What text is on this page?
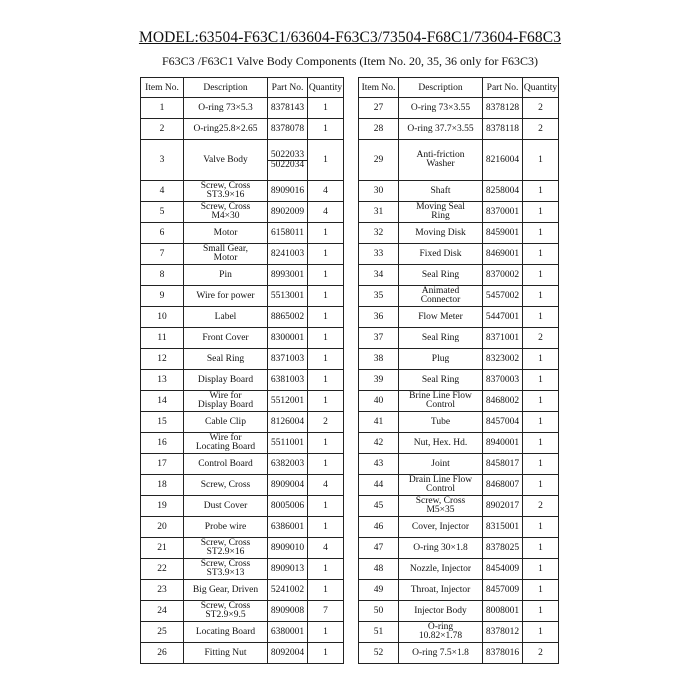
MODEL:63504-F63C1/63604-F63C3/73504-F68C1/73604-F68C3
F63C3 /F63C1 Valve Body Components (Item No. 20, 35, 36 only for F63C3)
Item No.	Description	Part No.	Quantity
1	O-ring 73×5.3	8378143	1
2	O-ring25.8×2.65	8378078	1
3	Valve Body	5022033
5022034	1
4	Screw, Cross
ST3.9×16	8909016	4
5	Screw, Cross
M4×30	8902009	4
6	Motor	6158011	1
7	Small Gear,
Motor	8241003	1
8	Pin	8993001	1
9	Wire for power	5513001	1
10	Label	8865002	1
11	Front Cover	8300001	1
12	Seal Ring	8371003	1
13	Display Board	6381003	1
14	Wire for
Display Board	5512001	1
15	Cable Clip	8126004	2
16	Wire for
Locating Board	5511001	1
17	Control Board	6382003	1
18	Screw, Cross	8909004	4
19	Dust Cover	8005006	1
20	Probe wire	6386001	1
21	Screw, Cross
ST2.9×16	8909010	4
22	Screw, Cross
ST3.9×13	8909013	1
23	Big Gear, Driven	5241002	1
24	Screw, Cross
ST2.9×9.5	8909008	7
25	Locating Board	6380001	1
26	Fitting Nut	8092004	1
Item No.	Description	Part No.	Quantity
27	O-ring 73×3.55	8378128	2
28	O-ring 37.7×3.55	8378118	2
29	Anti-friction
Washer	8216004	1
30	Shaft	8258004	1
31	Moving Seal
Ring	8370001	1
32	Moving Disk	8459001	1
33	Fixed Disk	8469001	1
34	Seal Ring	8370002	1
35	Animated
Connector	5457002	1
36	Flow Meter	5447001	1
37	Seal Ring	8371001	2
38	Plug	8323002	1
39	Seal Ring	8370003	1
40	Brine Line Flow
Control	8468002	1
41	Tube	8457004	1
42	Nut, Hex. Hd.	8940001	1
43	Joint	8458017	1
44	Drain Line Flow
Control	8468007	1
45	Screw, Cross
M5×35	8902017	2
46	Cover, Injector	8315001	1
47	O-ring 30×1.8	8378025	1
48	Nozzle, Injector	8454009	1
49	Throat, Injector	8457009	1
50	Injector Body	8008001	1
51	O-ring
10.82×1.78	8378012	1
52	O-ring 7.5×1.8	8378016	2
